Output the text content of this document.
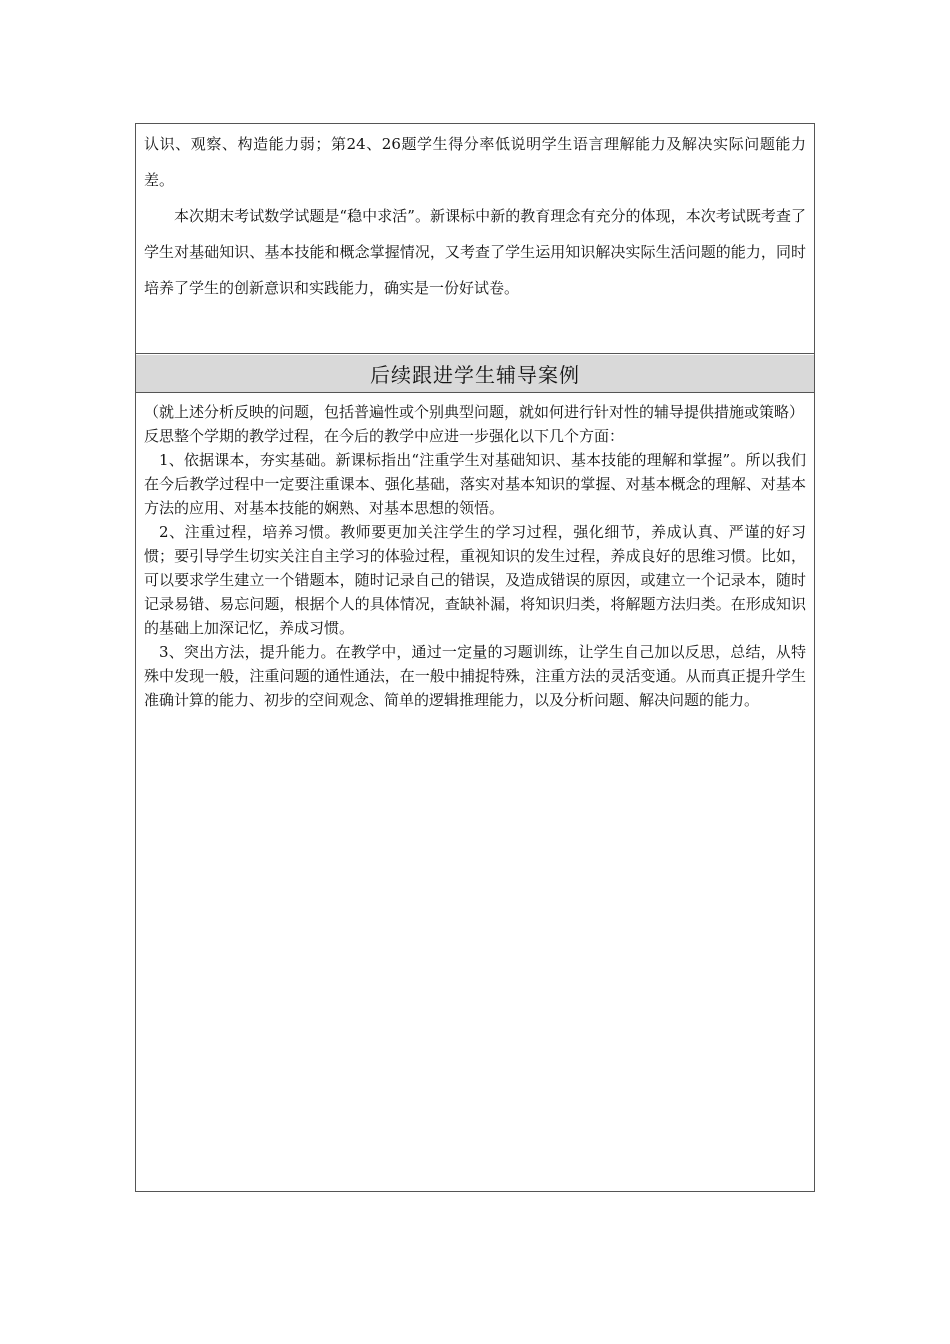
认识、观察、构造能力弱；第24、26题学生得分率低说明学生语言理解能力及解决实际问题能力差。

本次期末考试数学试题是“稳中求活”。新课标中新的教育理念有充分的体现，本次考试既考查了学生对基础知识、基本技能和概念掌握情况，又考查了学生运用知识解决实际生活问题的能力，同时培养了学生的创新意识和实践能力，确实是一份好试卷。

后续跟进学生辅导案例

（就上述分析反映的问题，包括普遍性或个别典型问题，就如何进行针对性的辅导提供措施或策略）

反思整个学期的教学过程，在今后的教学中应进一步强化以下几个方面：

1、依据课本，夯实基础。新课标指出“注重学生对基础知识、基本技能的理解和掌握”。所以我们在今后教学过程中一定要注重课本、强化基础，落实对基本知识的掌握、对基本概念的理解、对基本方法的应用、对基本技能的娴熟、对基本思想的领悟。

2、注重过程，培养习惯。教师要更加关注学生的学习过程，强化细节，养成认真、严谨的好习惯；要引导学生切实关注自主学习的体验过程，重视知识的发生过程，养成良好的思维习惯。比如，可以要求学生建立一个错题本，随时记录自己的错误，及造成错误的原因，或建立一个记录本，随时记录易错、易忘问题，根据个人的具体情况，查缺补漏，将知识归类，将解题方法归类。在形成知识的基础上加深记忆，养成习惯。

3、突出方法，提升能力。在教学中，通过一定量的习题训练，让学生自己加以反思，总结，从特殊中发现一般，注重问题的通性通法，在一般中捕捉特殊，注重方法的灵活变通。从而真正提升学生准确计算的能力、初步的空间观念、简单的逻辑推理能力，以及分析问题、解决问题的能力。
